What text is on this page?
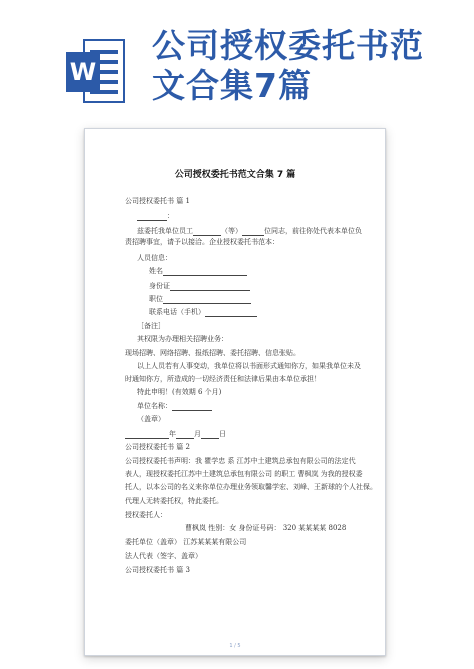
W
公司授权委托书范
文合集7篇
公司授权委托书范文合集 7 篇
公司授权委托书 篇 1
：
兹委托我单位员工	（等）	位同志，前往你处代表本单位负
责招聘事宜，请予以接洽。企业授权委托书范本：
人员信息：
姓名
身份证
职位
联系电话（手机）
［备注］
其权限为办理相关招聘业务：
现场招聘、网络招聘、报纸招聘、委托招聘、信息张贴。
以上人员若有人事变动，我单位将以书面形式通知你方，如果我单位未及
时通知你方，所造成的一切经济责任和法律后果由本单位承担！
特此申明！(有效期 6 个月)
单位名称：
（盖章）
年	月	日
公司授权委托书 篇 2
公司授权委托书声明：我 瞿学忠 系 江苏中土建筑总承包有限公司的法定代
表人，现授权委托江苏中土建筑总承包有限公司 的职工 曹枫岚 为我的授权委
托人，以本公司的名义来你单位办理业务领取馨学宏、刘峰、王新球的个人社保。
代理人无转委托权，特此委托。
授权委托人：
曹枫岚 性别：女 身份证号码： 320 某某某某 8028
委托单位（盖章） 江苏某某某有限公司
法人代表（签字、盖章）
公司授权委托书 篇 3
1 / 5
